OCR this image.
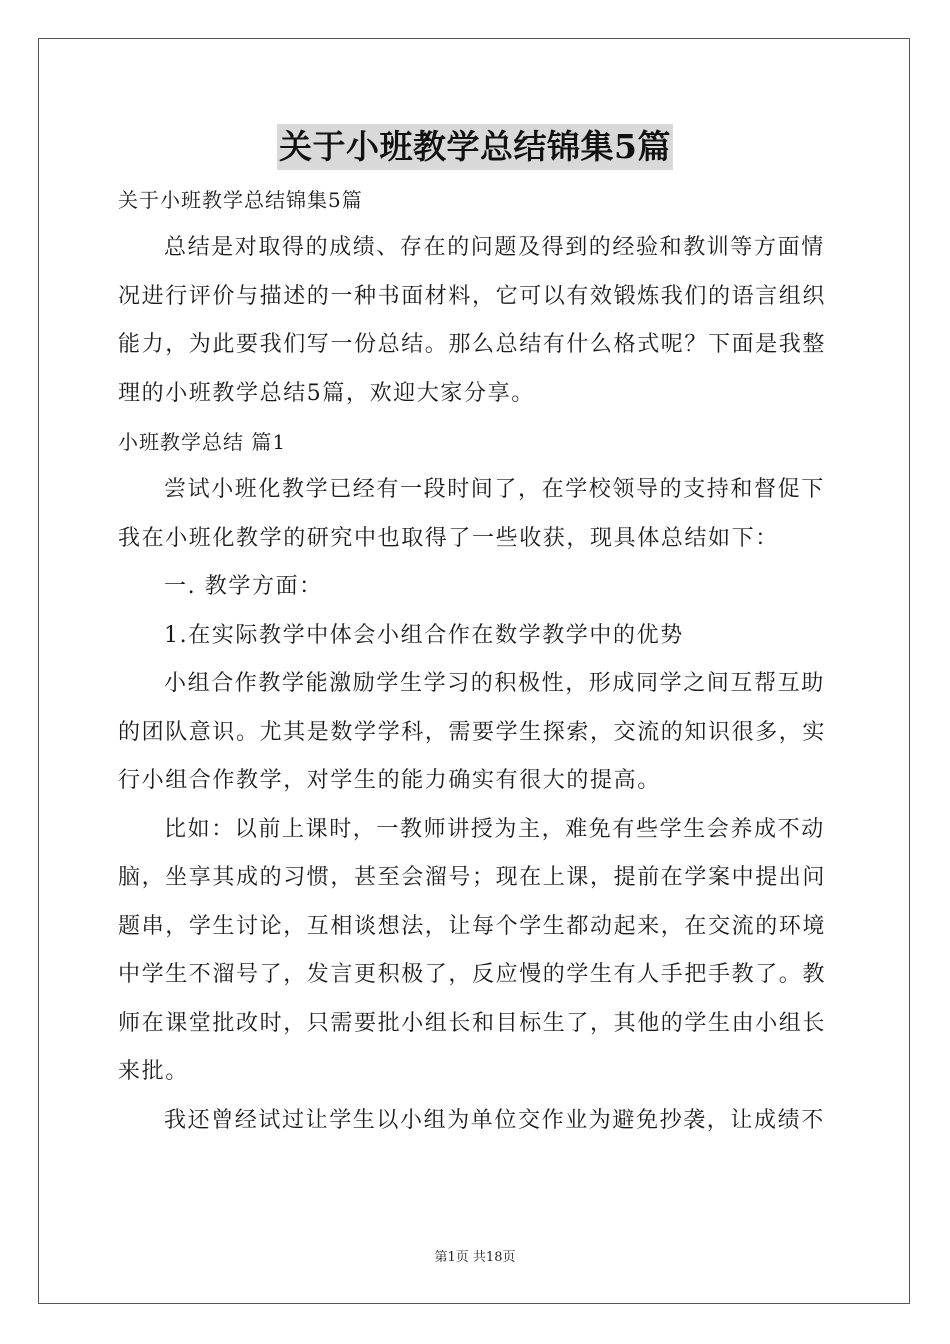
关于小班教学总结锦集5篇
关于小班教学总结锦集5篇
总结是对取得的成绩、存在的问题及得到的经验和教训等方面情
况进行评价与描述的一种书面材料，它可以有效锻炼我们的语言组织
能力，为此要我们写一份总结。那么总结有什么格式呢？下面是我整
理的小班教学总结5篇，欢迎大家分享。
小班教学总结 篇1
尝试小班化教学已经有一段时间了，在学校领导的支持和督促下
我在小班化教学的研究中也取得了一些收获，现具体总结如下：
一. 教学方面：
1.在实际教学中体会小组合作在数学教学中的优势
小组合作教学能激励学生学习的积极性，形成同学之间互帮互助
的团队意识。尤其是数学学科，需要学生探索，交流的知识很多，实
行小组合作教学，对学生的能力确实有很大的提高。
比如：以前上课时，一教师讲授为主，难免有些学生会养成不动
脑，坐享其成的习惯，甚至会溜号；现在上课，提前在学案中提出问
题串，学生讨论，互相谈想法，让每个学生都动起来，在交流的环境
中学生不溜号了，发言更积极了，反应慢的学生有人手把手教了。教
师在课堂批改时，只需要批小组长和目标生了，其他的学生由小组长
来批。
我还曾经试过让学生以小组为单位交作业为避免抄袭，让成绩不
第1页 共18页
